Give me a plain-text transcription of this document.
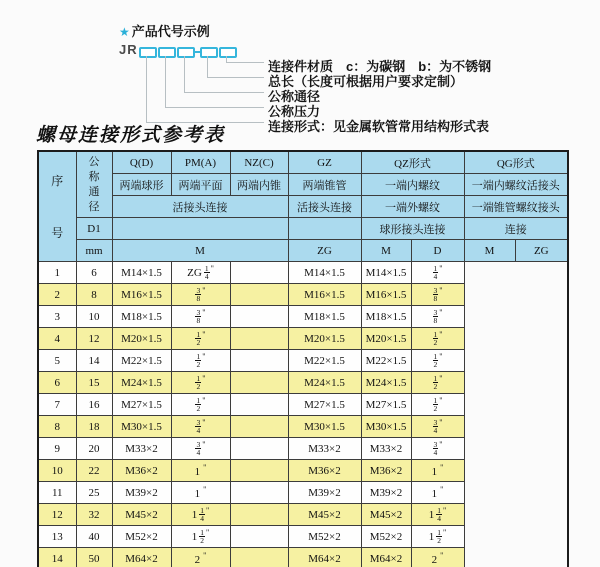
★ 产品代号示例
JR
连接件材质　c：为碳钢　b：为不锈钢
总长（长度可根据用户要求定制）
公称通径
公称压力
连接形式：见金属软管常用结构形式表
螺母连接形式参考表
序号	公称通径	Q(D)	PM(A)	NZ(C)	GZ	QZ形式		QG形式	
		两端球形	两端平面	两端内锥	两端锥管	一端内螺纹		一端内螺纹活接头	
		活接头连接			活接头连接	一端外螺纹		一端锥管螺纹接头	
	D1					球形接头连接		连接	
	mm	M			ZG	M	D	M	ZG
1	6	M14×1.5	ZG $\frac{1}{4} ^"$		M14×1.5	M14×1.5	$\frac{1}{4} ^"$
2	8	M16×1.5	$\frac{3}{8} ^"$		M16×1.5	M16×1.5	$\frac{3}{8} ^"$
3	10	M18×1.5	$\frac{3}{8} ^"$		M18×1.5	M18×1.5	$\frac{3}{8} ^"$
4	12	M20×1.5	$\frac{1}{2} ^"$		M20×1.5	M20×1.5	$\frac{1}{2} ^"$
5	14	M22×1.5	$\frac{1}{2} ^"$		M22×1.5	M22×1.5	$\frac{1}{2} ^"$
6	15	M24×1.5	$\frac{1}{2} ^"$		M24×1.5	M24×1.5	$\frac{1}{2} ^"$
7	16	M27×1.5	$\frac{1}{2} ^"$		M27×1.5	M27×1.5	$\frac{1}{2} ^"$
8	18	M30×1.5	$\frac{3}{4} ^"$		M30×1.5	M30×1.5	$\frac{3}{4} ^"$
9	20	M33×2	$\frac{3}{4} ^"$		M33×2	M33×2	$\frac{3}{4} ^"$
10	22	M36×2	1 "		M36×2	M36×2	1 "
11	25	M39×2	1 "		M39×2	M39×2	1 "
12	32	M45×2	$1 \frac{1}{4} ^"$		M45×2	M45×2	$1 \frac{1}{4} ^"$
13	40	M52×2	$1 \frac{1}{2} ^"$		M52×2	M52×2	$1 \frac{1}{2} ^"$
14	50	M64×2	2 "		M64×2	M64×2	2 "
